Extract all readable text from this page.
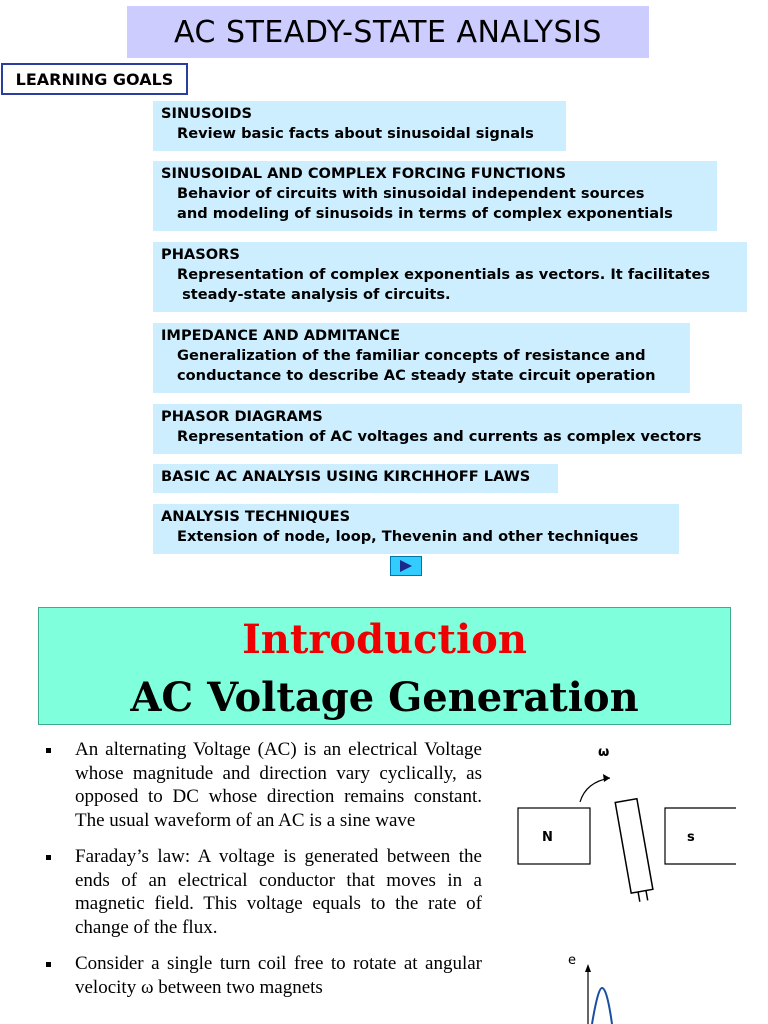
AC STEADY-STATE ANALYSIS
LEARNING GOALS
SINUSOIDS
Review basic facts about sinusoidal signals
SINUSOIDAL AND COMPLEX FORCING FUNCTIONS
Behavior of circuits with sinusoidal independent sources
and modeling of sinusoids in terms of complex exponentials
PHASORS
Representation of complex exponentials as vectors. It facilitates
steady-state analysis of circuits.
IMPEDANCE AND ADMITANCE
Generalization of the familiar concepts of resistance and
conductance to describe AC steady state circuit operation
PHASOR DIAGRAMS
Representation of AC voltages and currents as complex vectors
BASIC AC ANALYSIS USING KIRCHHOFF LAWS
ANALYSIS TECHNIQUES
Extension of node, loop, Thevenin and other techniques
Introduction
AC Voltage Generation
An alternating Voltage (AC) is an electrical Voltage whose magnitude and direction vary cyclically, as opposed to DC whose direction remains constant. The usual waveform of an AC is a sine wave
Faraday’s law: A voltage is generated between the ends of an electrical conductor that moves in a magnetic field. This voltage equals to the rate of change of the flux.
Consider a single turn coil free to rotate at angular velocity ω between two magnets
ω
N	s
e
